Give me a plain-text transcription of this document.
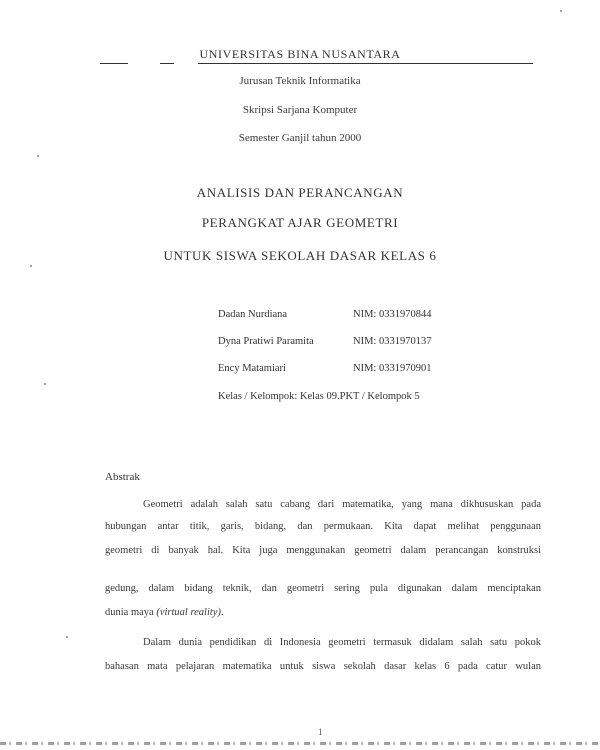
UNIVERSITAS BINA NUSANTARA
Jurusan Teknik Informatika
Skripsi Sarjana Komputer
Semester Ganjil tahun 2000
ANALISIS DAN PERANCANGAN
PERANGKAT AJAR GEOMETRI
UNTUK SISWA SEKOLAH DASAR KELAS 6
Dadan Nurdiana	NIM: 0331970844
Dyna Pratiwi Paramita	NIM: 0331970137
Ency Matamiari	NIM: 0331970901
Kelas / Kelompok: Kelas 09.PKT / Kelompok 5
Abstrak
Geometri adalah salah satu cabang dari matematika, yang mana dikhususkan pada
hubungan antar titik, garis, bidang, dan permukaan. Kita dapat melihat penggunaan
geometri di banyak hal. Kita juga menggunakan geometri dalam perancangan konstruksi
gedung, dalam bidang teknik, dan geometri sering pula digunakan dalam menciptakan
dunia maya (virtual reality).
Dalam dunia pendidikan di Indonesia geometri termasuk didalam salah satu pokok
bahasan mata pelajaran matematika untuk siswa sekolah dasar kelas 6 pada catur wulan
1
